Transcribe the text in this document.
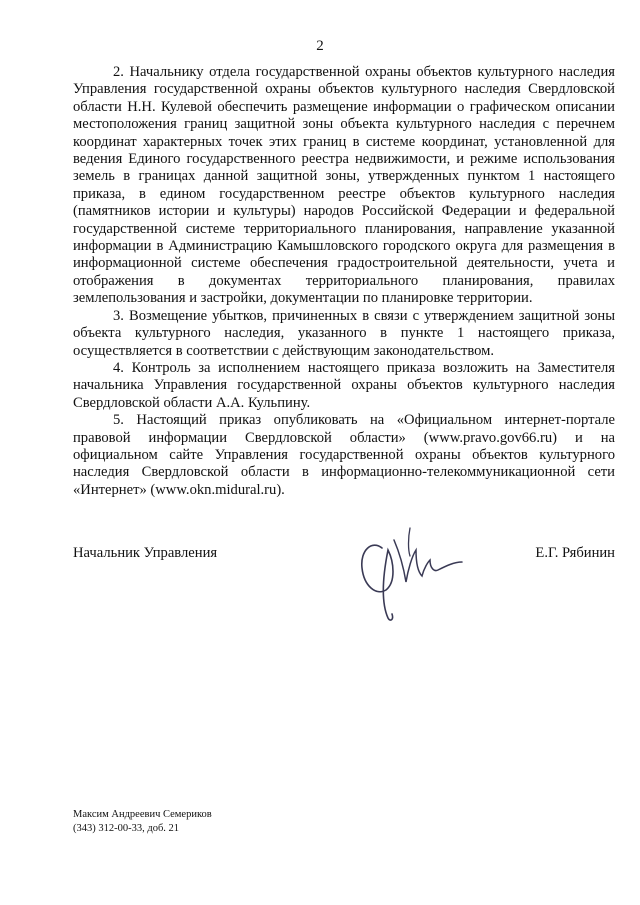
2

2. Начальнику отдела государственной охраны объектов культурного наследия Управления государственной охраны объектов культурного наследия Свердловской области Н.Н. Кулевой обеспечить размещение информации о графическом описании местоположения границ защитной зоны объекта культурного наследия с перечнем координат характерных точек этих границ в системе координат, установленной для ведения Единого государственного реестра недвижимости, и режиме использования земель в границах данной защитной зоны, утвержденных пунктом 1 настоящего приказа, в едином государственном реестре объектов культурного наследия (памятников истории и культуры) народов Российской Федерации и федеральной государственной системе территориального планирования, направление указанной информации в Администрацию Камышловского городского округа для размещения в информационной системе обеспечения градостроительной деятельности, учета и отображения в документах территориального планирования, правилах землепользования и застройки, документации по планировке территории.

3. Возмещение убытков, причиненных в связи с утверждением защитной зоны объекта культурного наследия, указанного в пункте 1 настоящего приказа, осуществляется в соответствии с действующим законодательством.

4. Контроль за исполнением настоящего приказа возложить на Заместителя начальника Управления государственной охраны объектов культурного наследия Свердловской области А.А. Кульпину.

5. Настоящий приказ опубликовать на «Официальном интернет-портале правовой информации Свердловской области» (www.pravo.gov66.ru) и на официальном сайте Управления государственной охраны объектов культурного наследия Свердловской области в информационно-телекоммуникационной сети «Интернет» (www.okn.midural.ru).

Начальник Управления	Е.Г. Рябинин
Максим Андреевич Семериков
(343) 312-00-33, доб. 21
